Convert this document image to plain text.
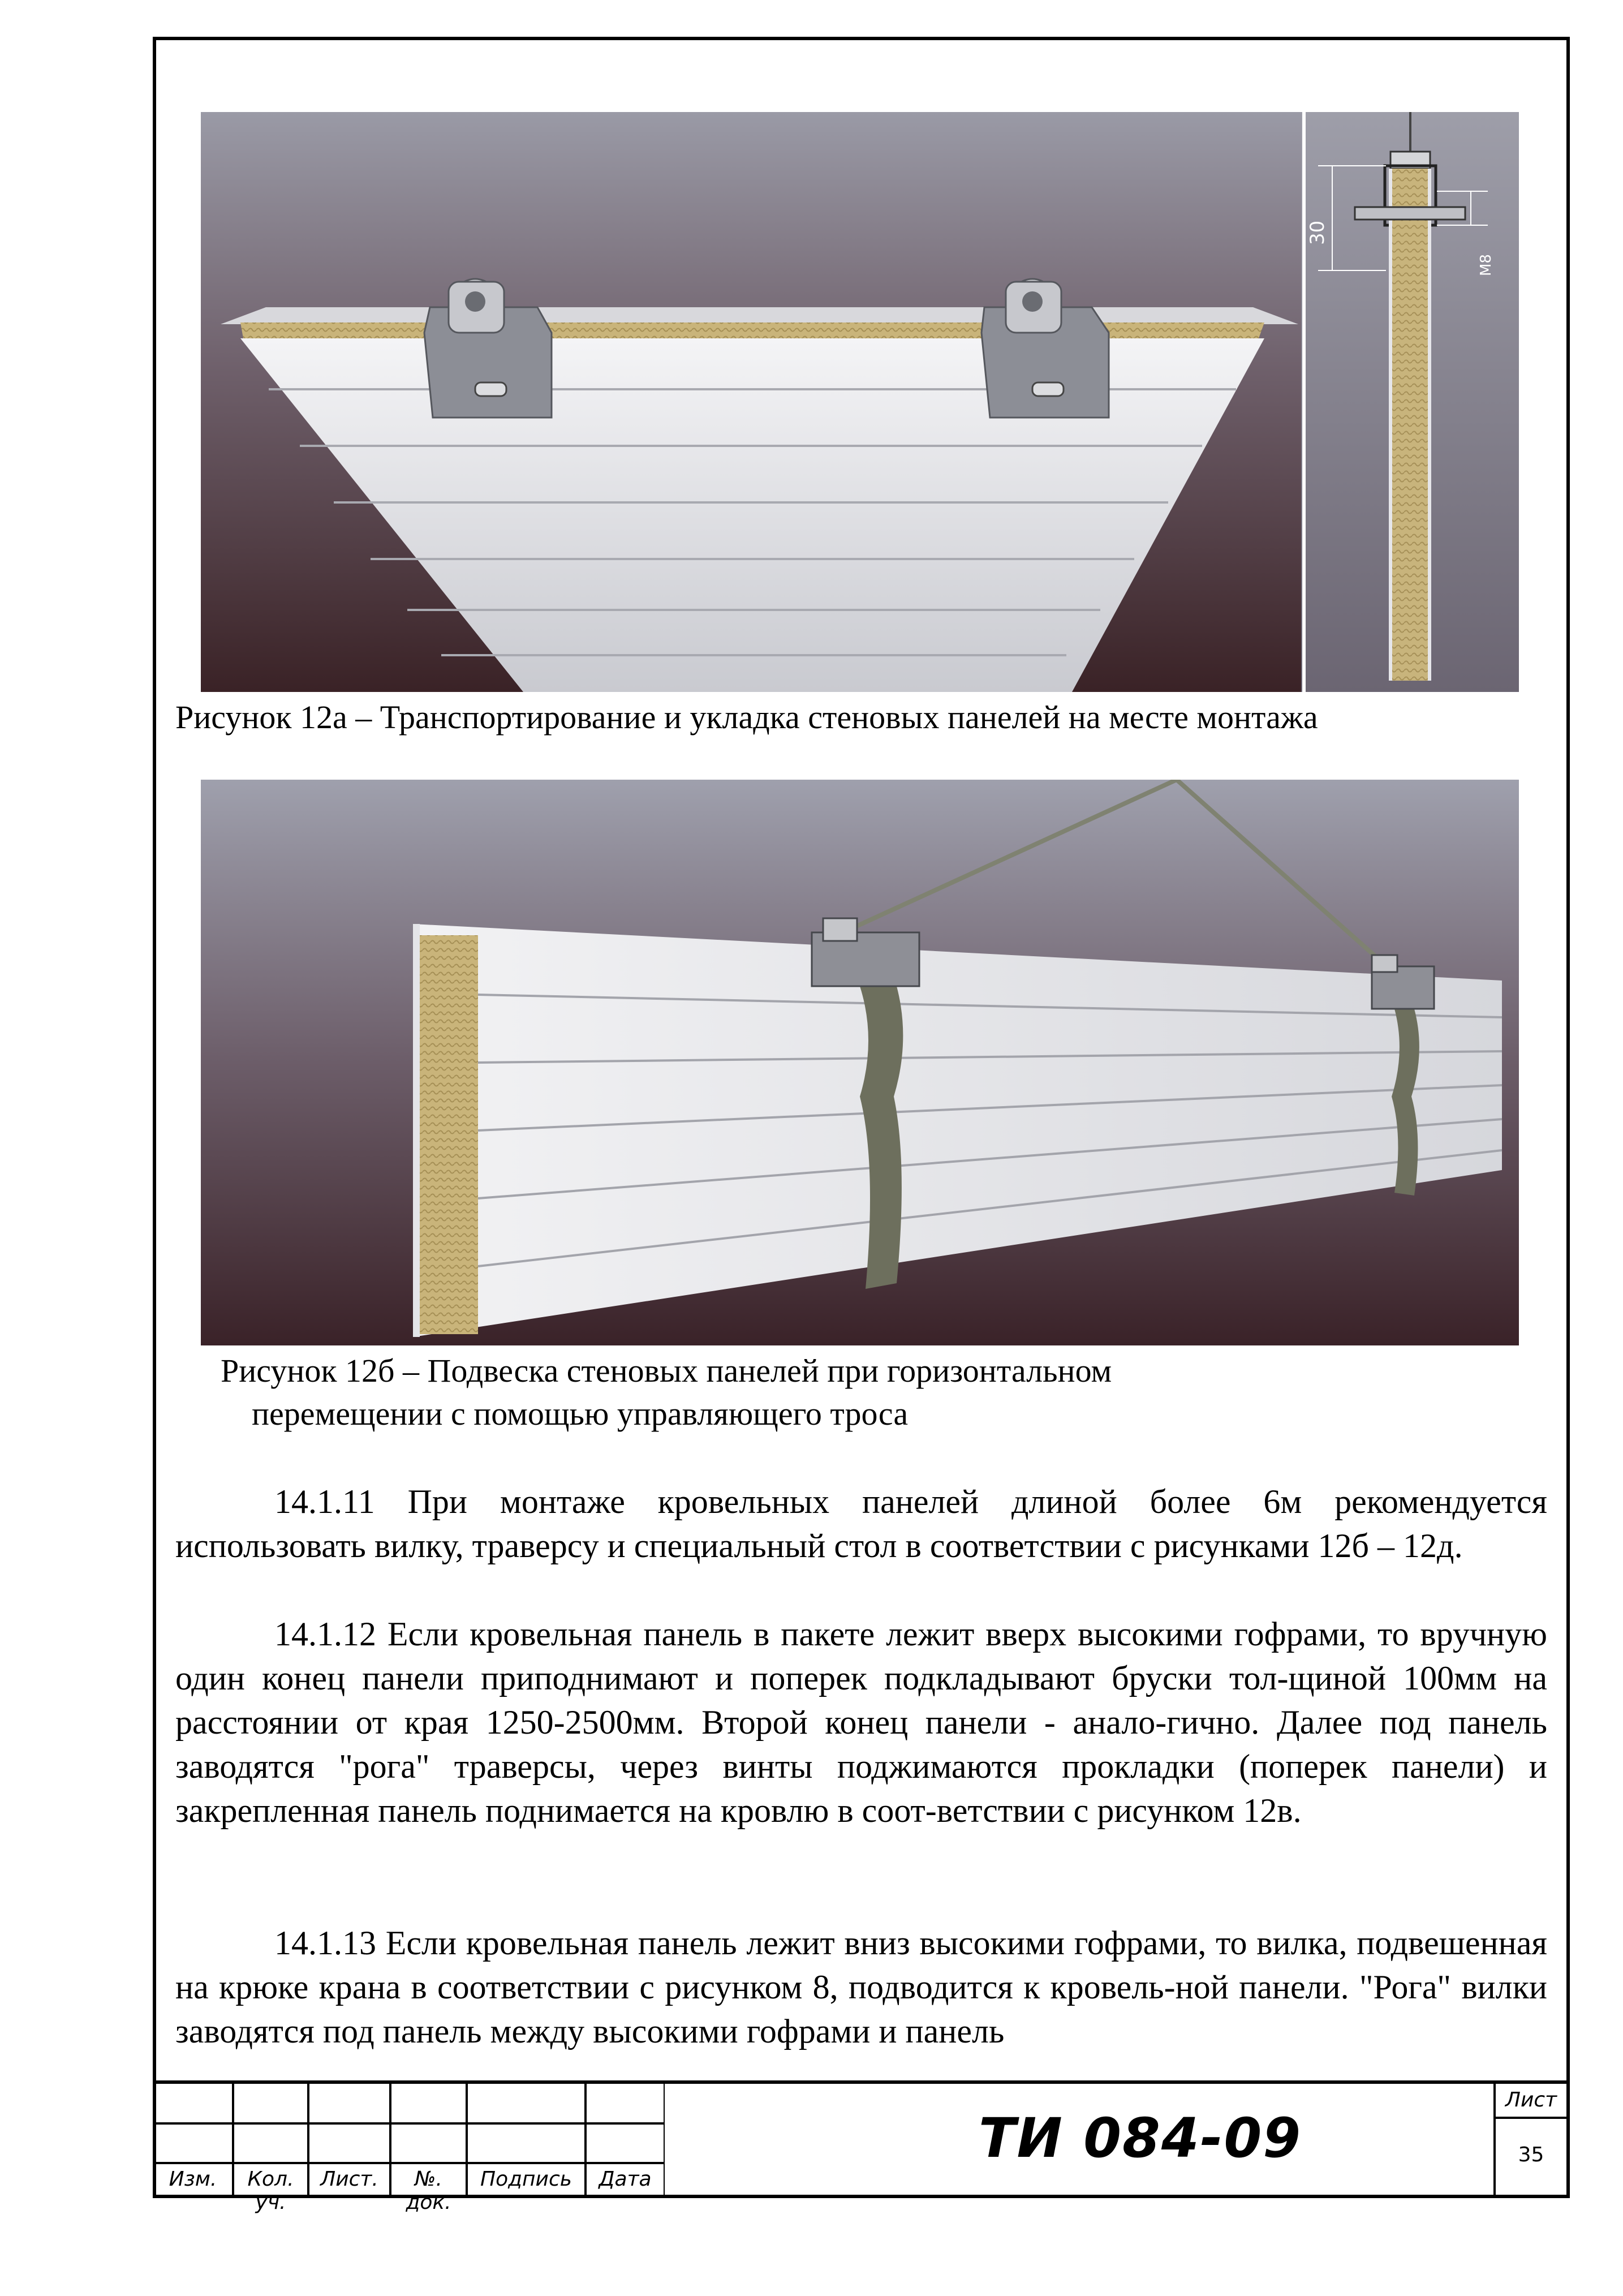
30
М8
Рисунок 12а – Транспортирование и укладка стеновых панелей на месте монтажа
Рисунок 12б – Подвеска стеновых панелей при горизонтальном
перемещении с помощью управляющего троса

14.1.11 При монтаже кровельных панелей длиной более 6м рекомендуется использовать вилку, траверсу и специальный стол в соответствии с рисунками 12б – 12д.

14.1.12 Если кровельная панель в пакете лежит вверх высокими гофрами, то вручную один конец панели приподнимают и поперек подкладывают бруски тол-щиной 100мм на расстоянии от края 1250-2500мм. Второй конец панели - анало-гично. Далее под панель заводятся "рога" траверсы, через винты поджимаются прокладки (поперек панели) и закрепленная панель поднимается на кровлю в соот-ветствии с рисунком 12в.

14.1.13 Если кровельная панель лежит вниз высокими гофрами, то вилка, подвешенная на крюке крана в соответствии с рисунком 8, подводится к кровель-ной панели. "Рога" вилки заводятся под панель между высокими гофрами и панель

Изм.	Кол. уч.
Лист.	№. док.
Подпись	Дата
ТИ 084-09
Лист
35
